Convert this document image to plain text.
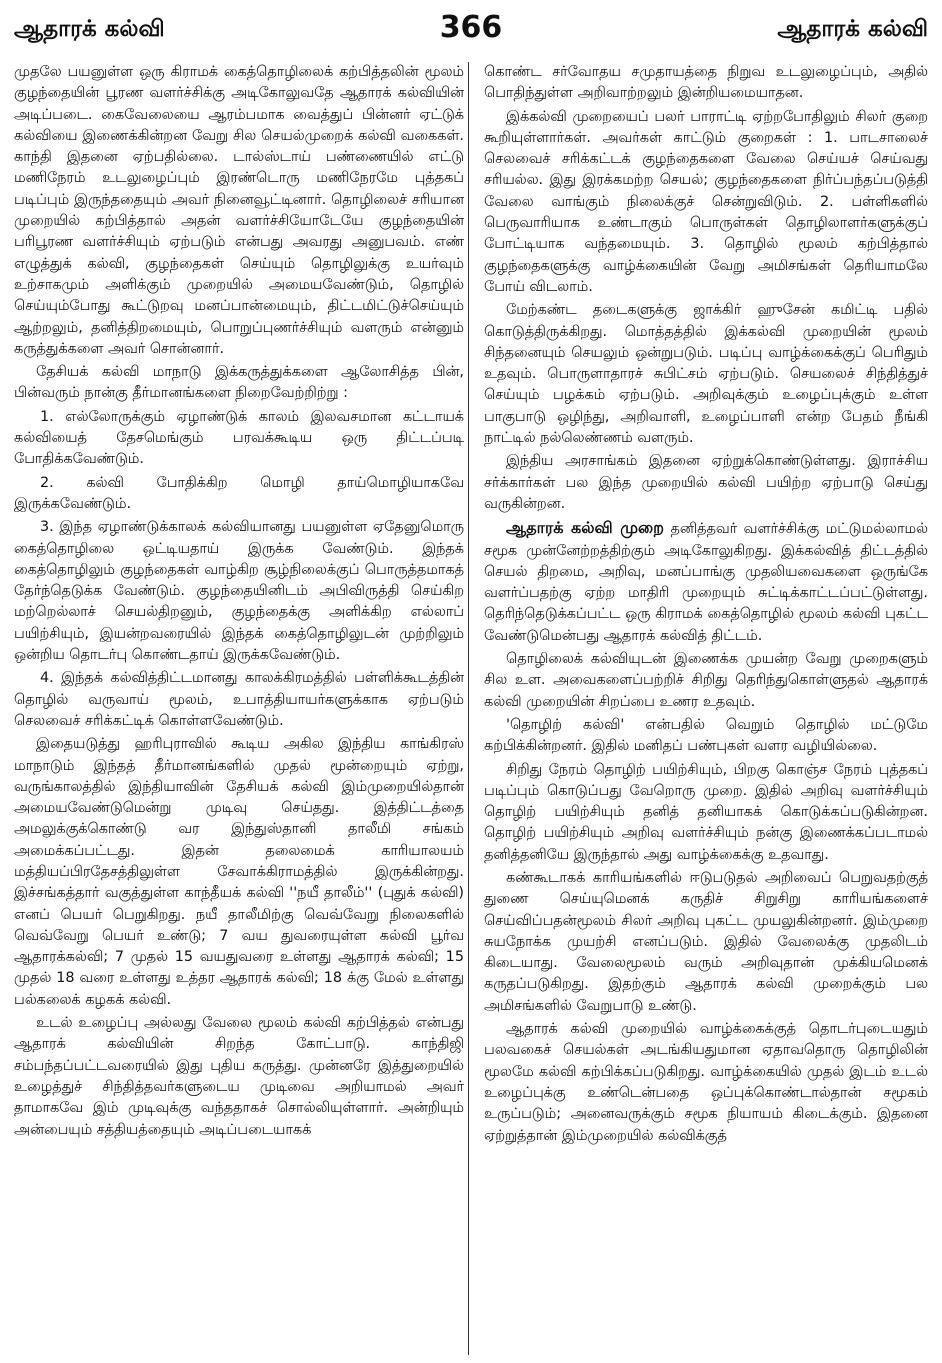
ஆதாரக் கல்வி	366	ஆதாரக் கல்வி

முதலே பயனுள்ள ஒரு கிராமக் கைத்தொழிலைக் கற்பித்தலின் மூலம் குழந்தையின் பூரண வளர்ச்சிக்கு அடிகோலுவதே ஆதாரக் கல்வியின் அடிப்படை. கைவேலையை ஆரம்பமாக வைத்துப் பின்னர் ஏட்டுக் கல்வியை இணைக்கின்றன வேறு சில செயல்முறைக் கல்வி வகைகள். காந்தி இதனை ஏற்பதில்லை. டால்ஸ்டாய் பண்ணையில் எட்டு மணிநேரம் உடலுழைப்பும் இரண்டொரு மணிநேரமே புத்தகப் படிப்பும் இருந்ததையும் அவர் நினைவூட்டினார். தொழிலைச் சரியான முறையில் கற்பித்தால் அதன் வளர்ச்சியோடேயே குழந்தையின் பரிபூரண வளர்ச்சியும் ஏற்படும் என்பது அவரது அனுபவம். எண் எழுத்துக் கல்வி, குழந்தைகள் செய்யும் தொழிலுக்கு உயர்வும் உற்சாகமும் அளிக்கும் முறையில் அமையவேண்டும், தொழில் செய்யும்போது கூட்டுறவு மனப்பான்மையும், திட்டமிட்டுச்செய்யும் ஆற்றலும், தனித்திறமையும், பொறுப்புணர்ச்சியும் வளரும் என்னும் கருத்துக்களை அவர் சொன்னார்.

தேசியக் கல்வி மாநாடு இக்கருத்துக்களை ஆலோசித்த பின், பின்வரும் நான்கு தீர்மானங்களை நிறைவேற்றிற்று :

1. எல்லோருக்கும் ஏழாண்டுக் காலம் இலவசமான கட்டாயக் கல்வியைத் தேசமெங்கும் பரவக்கூடிய ஒரு திட்டப்படி போதிக்கவேண்டும்.

2. கல்வி போதிக்கிற மொழி தாய்மொழியாகவே இருக்கவேண்டும்.

3. இந்த ஏழாண்டுக்காலக் கல்வியானது பயனுள்ள ஏதேனுமொரு கைத்தொழிலை ஒட்டியதாய் இருக்க வேண்டும். இந்தக் கைத்தொழிலும் குழந்தைகள் வாழ்கிற சூழ்நிலைக்குப் பொருத்தமாகத் தேர்ந்தெடுக்க வேண்டும். குழந்தையினிடம் அபிவிருத்தி செய்கிற மற்றெல்லாச் செயல்திறனும், குழந்தைக்கு அளிக்கிற எல்லாப் பயிற்சியும், இயன்றவரையில் இந்தக் கைத்தொழிலுடன் முற்றிலும் ஒன்றிய தொடர்பு கொண்டதாய் இருக்கவேண்டும்.

4. இந்தக் கல்வித்திட்டமானது காலக்கிரமத்தில் பள்ளிக்கூடத்தின் தொழில் வருவாய் மூலம், உபாத்தியாயர்களுக்காக ஏற்படும் செலவைச் சரிக்கட்டிக் கொள்ளவேண்டும்.

இதையடுத்து ஹரிபுராவில் கூடிய அகில இந்திய காங்கிரஸ் மாநாடும் இந்தத் தீர்மானங்களில் முதல் மூன்றையும் ஏற்று, வருங்காலத்தில் இந்தியாவின் தேசியக் கல்வி இம்முறையில்தான் அமையவேண்டுமென்று முடிவு செய்தது. இத்திட்டத்தை அமலுக்குக்கொண்டு வர இந்துஸ்தானி தாலீமி சங்கம் அமைக்கப்பட்டது. இதன் தலைமைக் காரியாலயம் மத்தியப்பிரதேசத்திலுள்ள சேவாக்கிராமத்தில் இருக்கின்றது. இச்சங்கத்தார் வகுத்துள்ள காந்தீயக் கல்வி ''நயீ தாலீம்'' (புதுக் கல்வி) எனப் பெயர் பெறுகிறது. நயீ தாலீமிற்கு வெவ்வேறு நிலைகளில் வெவ்வேறு பெயர் உண்டு; 7 வய துவரையுள்ள கல்வி பூர்வ ஆதாரக்கல்வி; 7 முதல் 15 வயதுவரை உள்ளது ஆதாரக் கல்வி; 15 முதல் 18 வரை உள்ளது உத்தர ஆதாரக் கல்வி; 18 க்கு மேல் உள்ளது பல்கலைக் கழகக் கல்வி.

உடல் உழைப்பு அல்லது வேலை மூலம் கல்வி கற்பித்தல் என்பது ஆதாரக் கல்வியின் சிறந்த கோட்பாடு. காந்திஜி சம்பந்தப்பட்டவரையில் இது புதிய கருத்து. முன்னரே இத்துறையில் உழைத்துச் சிந்தித்தவர்களுடைய முடிவை அறியாமல் அவர் தாமாகவே இம் முடிவுக்கு வந்ததாகச் சொல்லியுள்ளார். அன்றியும் அன்பையும் சத்தியத்தையும் அடிப்படையாகக்

கொண்ட சர்வோதய சமுதாயத்தை நிறுவ உடலுழைப்பும், அதில் பொதிந்துள்ள அறிவாற்றலும் இன்றியமையாதன.

இக்கல்வி முறையைப் பலர் பாராட்டி ஏற்றபோதிலும் சிலர் குறை கூறியுள்ளார்கள். அவர்கள் காட்டும் குறைகள் : 1. பாடசாலைச் செலவைச் சரிக்கட்டக் குழந்தைகளை வேலை செய்யச் செய்வது சரியல்ல. இது இரக்கமற்ற செயல்; குழந்தைகளை நிர்ப்பந்தப்படுத்தி வேலை வாங்கும் நிலைக்குச் சென்றுவிடும். 2. பள்ளிகளில் பெருவாரியாக உண்டாகும் பொருள்கள் தொழிலாளர்களுக்குப் போட்டியாக வந்தமையும். 3. தொழில் மூலம் கற்பித்தால் குழந்தைகளுக்கு வாழ்க்கையின் வேறு அமிசங்கள் தெரியாமலே போய் விடலாம்.

மேற்கண்ட தடைகளுக்கு ஜாக்கிர் ஹுசேன் கமிட்டி பதில் கொடுத்திருக்கிறது. மொத்தத்தில் இக்கல்வி முறையின் மூலம் சிந்தனையும் செயலும் ஒன்றுபடும். படிப்பு வாழ்க்கைக்குப் பெரிதும் உதவும். பொருளாதாரச் சுபிட்சம் ஏற்படும். செயலைச் சிந்தித்துச் செய்யும் பழக்கம் ஏற்படும். அறிவுக்கும் உழைப்புக்கும் உள்ள பாகுபாடு ஒழிந்து, அறிவாளி, உழைப்பாளி என்ற பேதம் நீங்கி நாட்டில் நல்லெண்ணம் வளரும்.

இந்திய அரசாங்கம் இதனை ஏற்றுக்கொண்டுள்ளது. இராச்சிய சர்க்கார்கள் பல இந்த முறையில் கல்வி பயிற்ற ஏற்பாடு செய்து வருகின்றன.

ஆதாரக் கல்வி முறை தனித்தவர் வளர்ச்சிக்கு மட்டுமல்லாமல் சமூக முன்னேற்றத்திற்கும் அடிகோலுகிறது. இக்கல்வித் திட்டத்தில் செயல் திறமை, அறிவு, மனப்பாங்கு முதலியவைகளை ஒருங்கே வளர்ப்பதற்கு ஏற்ற மாதிரி முறையும் சுட்டிக்காட்டப்பட்டுள்ளது. தெரிந்தெடுக்கப்பட்ட ஒரு கிராமக் கைத்தொழில் மூலம் கல்வி புகட்ட வேண்டுமென்பது ஆதாரக் கல்வித் திட்டம்.

தொழிலைக் கல்வியுடன் இணைக்க முயன்ற வேறு முறைகளும் சில உள. அவைகளைப்பற்றிச் சிறிது தெரிந்துகொள்ளுதல் ஆதாரக் கல்வி முறையின் சிறப்பை உணர உதவும்.

'தொழிற் கல்வி' என்பதில் வெறும் தொழில் மட்டுமே கற்பிக்கின்றனர். இதில் மனிதப் பண்புகள் வளர வழியில்லை.

சிறிது நேரம் தொழிற் பயிற்சியும், பிறகு கொஞ்ச நேரம் புத்தகப் படிப்பும் கொடுப்பது வேறொரு முறை. இதில் அறிவு வளர்ச்சியும் தொழிற் பயிற்சியும் தனித் தனியாகக் கொடுக்கப்படுகின்றன. தொழிற் பயிற்சியும் அறிவு வளர்ச்சியும் நன்கு இணைக்கப்படாமல் தனித்தனியே இருந்தால் அது வாழ்க்கைக்கு உதவாது.

கண்கூடாகக் காரியங்களில் ஈடுபடுதல் அறிவைப் பெறுவதற்குத் துணை செய்யுமெனக் கருதிச் சிறுசிறு காரியங்களைச் செய்விப்பதன்மூலம் சிலர் அறிவு புகட்ட முயலுகின்றனர். இம்முறை சுயநோக்க முயற்சி எனப்படும். இதில் வேலைக்கு முதலிடம் கிடையாது. வேலைமூலம் வரும் அறிவுதான் முக்கியமெனக் கருதப்படுகிறது. இதற்கும் ஆதாரக் கல்வி முறைக்கும் பல அமிசங்களில் வேறுபாடு உண்டு.

ஆதாரக் கல்வி முறையில் வாழ்க்கைக்குத் தொடர்புடையதும் பலவகைச் செயல்கள் அடங்கியதுமான ஏதாவதொரு தொழிலின் மூலமே கல்வி கற்பிக்கப்படுகிறது. வாழ்க்கையில் முதல் இடம் உடல் உழைப்புக்கு உண்டென்பதை ஒப்புக்கொண்டால்தான் சமூகம் உருப்படும்; அனைவருக்கும் சமூக நியாயம் கிடைக்கும். இதனை ஏற்றுத்தான் இம்முறையில் கல்விக்குத்
